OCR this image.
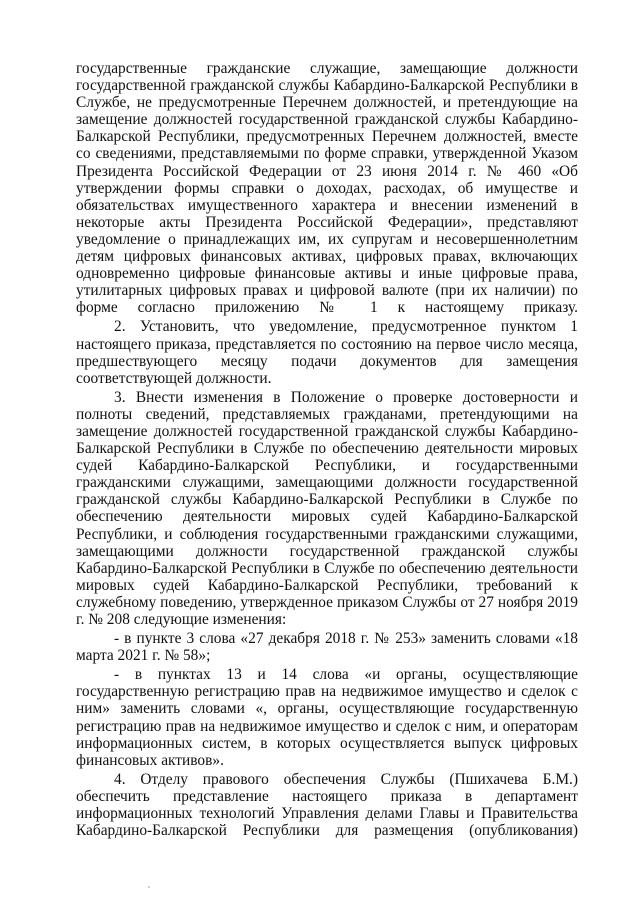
государственные гражданские служащие, замещающие должности государственной гражданской службы Кабардино-Балкарской Республики в Службе, не предусмотренные Перечнем должностей, и претендующие на замещение должностей государственной гражданской службы Кабардино-Балкарской Республики, предусмотренных Перечнем должностей, вместе со сведениями, представляемыми по форме справки, утвержденной Указом Президента Российской Федерации от 23 июня 2014 г. № 460 «Об утверждении формы справки о доходах, расходах, об имуществе и обязательствах имущественного характера и внесении изменений в некоторые акты Президента Российской Федерации», представляют уведомление о принадлежащих им, их супругам и несовершеннолетним детям цифровых финансовых активах, цифровых правах, включающих одновременно цифровые финансовые активы и иные цифровые права, утилитарных цифровых правах и цифровой валюте (при их наличии) по форме согласно приложению № 1 к настоящему приказу.

2. Установить, что уведомление, предусмотренное пунктом 1 настоящего приказа, представляется по состоянию на первое число месяца, предшествующего месяцу подачи документов для замещения соответствующей должности.

3. Внести изменения в Положение о проверке достоверности и полноты сведений, представляемых гражданами, претендующими на замещение должностей государственной гражданской службы Кабардино-Балкарской Республики в Службе по обеспечению деятельности мировых судей Кабардино-Балкарской Республики, и государственными гражданскими служащими, замещающими должности государственной гражданской службы Кабардино-Балкарской Республики в Службе по обеспечению деятельности мировых судей Кабардино-Балкарской Республики, и соблюдения государственными гражданскими служащими, замещающими должности государственной гражданской службы Кабардино-Балкарской Республики в Службе по обеспечению деятельности мировых судей Кабардино-Балкарской Республики, требований к служебному поведению, утвержденное приказом Службы от 27 ноября 2019 г. № 208 следующие изменения:

- в пункте 3 слова «27 декабря 2018 г. № 253» заменить словами «18 марта 2021 г. № 58»;

- в пунктах 13 и 14 слова «и органы, осуществляющие государственную регистрацию прав на недвижимое имущество и сделок с ним» заменить словами «, органы, осуществляющие государственную регистрацию прав на недвижимое имущество и сделок с ним, и операторам информационных систем, в которых осуществляется выпуск цифровых финансовых активов».

4. Отделу правового обеспечения Службы (Пшихачева Б.М.) обеспечить представление настоящего приказа в департамент информационных технологий Управления делами Главы и Правительства Кабардино-Балкарской Республики для размещения (опубликования)
